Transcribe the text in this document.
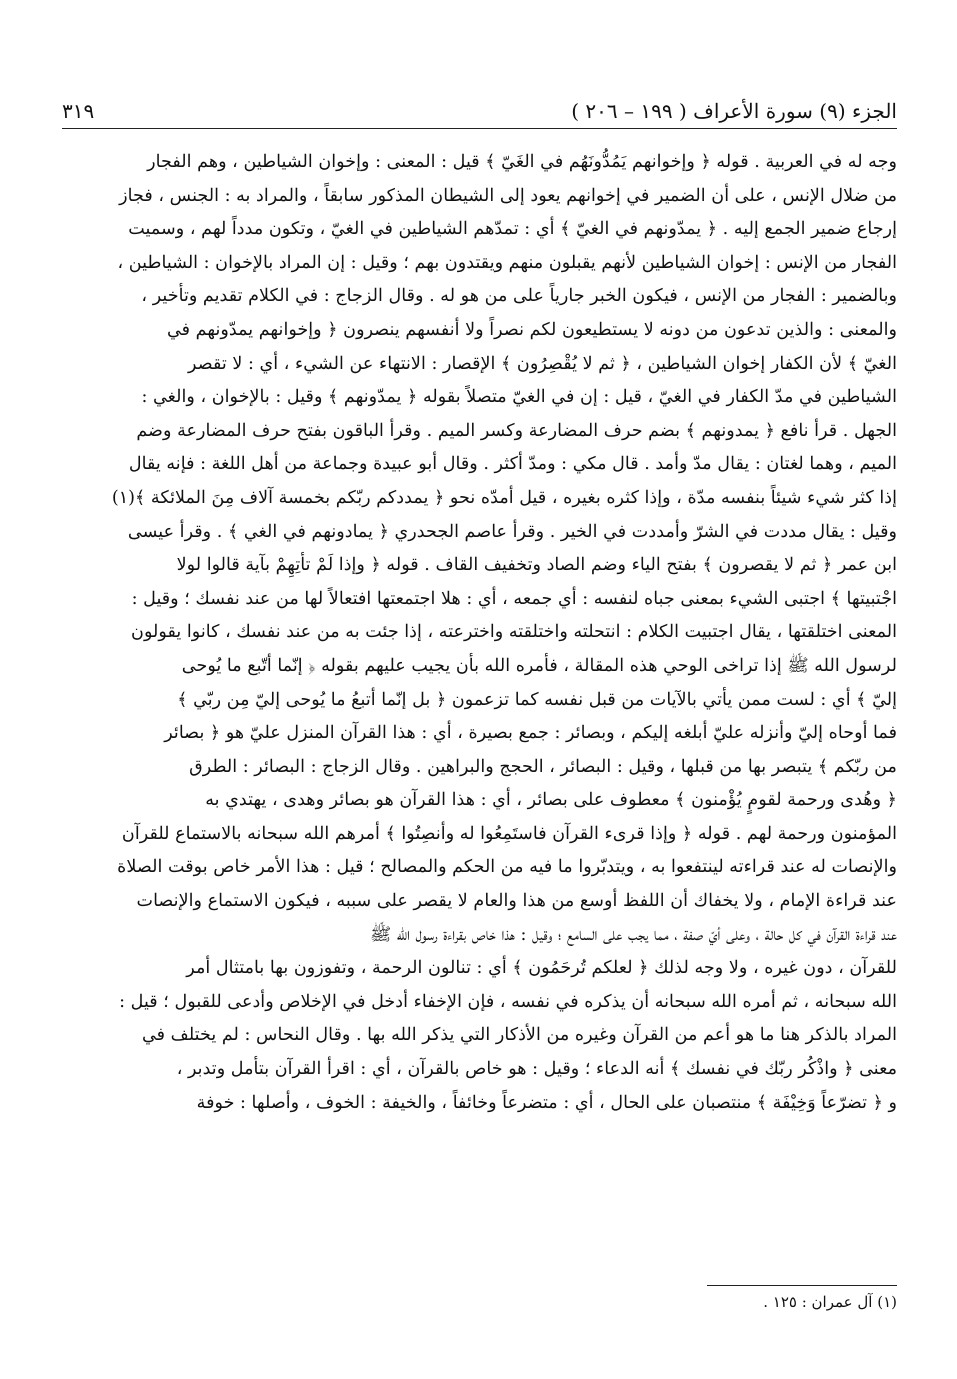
الجزء (٩) سورة الأعراف ( ١٩٩ – ٢٠٦ )
٣١٩
وجه له في العربية . قوله ﴿ وإخوانهم يَمُدُّونَهُم في الغَيّ ﴾ قيل : المعنى : وإخوان الشياطين ، وهم الفجار
من ضلال الإنس ، على أن الضمير في إخوانهم يعود إلى الشيطان المذكور سابقاً ، والمراد به : الجنس ، فجاز
إرجاع ضمير الجمع إليه . ﴿ يمدّونهم في الغيّ ﴾ أي : تمدّهم الشياطين في الغيّ ، وتكون مدداً لهم ، وسميت
الفجار من الإنس : إخوان الشياطين لأنهم يقبلون منهم ويقتدون بهم ؛ وقيل : إن المراد بالإخوان : الشياطين ،
وبالضمير : الفجار من الإنس ، فيكون الخبر جارياً على من هو له . وقال الزجاج : في الكلام تقديم وتأخير ،
والمعنى : والذين تدعون من دونه لا يستطيعون لكم نصراً ولا أنفسهم ينصرون ﴿ وإخوانهم يمدّونهم في
الغيّ ﴾ لأن الكفار إخوان الشياطين ، ﴿ ثم لا يُقْصِرُون ﴾ الإقصار : الانتهاء عن الشيء ، أي : لا تقصر
الشياطين في مدّ الكفار في الغيّ ، قيل : إن في الغيّ متصلاً بقوله ﴿ يمدّونهم ﴾ وقيل : بالإخوان ، والغي :
الجهل . قرأ نافع ﴿ يمدونهم ﴾ بضم حرف المضارعة وكسر الميم . وقرأ الباقون بفتح حرف المضارعة وضم
الميم ، وهما لغتان : يقال مدّ وأمد . قال مكي : ومدّ أكثر . وقال أبو عبيدة وجماعة من أهل اللغة : فإنه يقال
إذا كثر شيء شيئاً بنفسه مدّة ، وإذا كثره بغيره ، قيل أمدّه نحو ﴿ يمددكم ربّكم بخمسة آلاف مِنَ الملائكة ﴾(١)
وقيل : يقال مددت في الشرّ وأمددت في الخير . وقرأ عاصم الجحدري ﴿ يمادونهم في الغي ﴾ . وقرأ عيسى
ابن عمر ﴿ ثم لا يقصرون ﴾ بفتح الياء وضم الصاد وتخفيف القاف . قوله ﴿ وإذا لَمْ تأتِهِمْ بآية قالوا لولا
اجْتبيتها ﴾ اجتبى الشيء بمعنى جباه لنفسه : أي جمعه ، أي : هلا اجتمعتها افتعالاً لها من عند نفسك ؛ وقيل :
المعنى اختلقتها ، يقال اجتبيت الكلام : انتحلته واختلقته واخترعته ، إذا جئت به من عند نفسك ، كانوا يقولون
لرسول الله ﷺ إذا تراخى الوحي هذه المقالة ، فأمره الله بأن يجيب عليهم بقوله ﴿ إنّما أتّبع ما يُوحى
إليّ ﴾ أي : لست ممن يأتي بالآيات من قبل نفسه كما تزعمون ﴿ بل إنّما أتبعُ ما يُوحى إليّ مِن ربّي ﴾
فما أوحاه إليّ وأنزله عليّ أبلغه إليكم ، وبصائر : جمع بصيرة ، أي : هذا القرآن المنزل عليّ هو ﴿ بصائر
من ربّكم ﴾ يتبصر بها من قبلها ، وقيل : البصائر ، الحجج والبراهين . وقال الزجاج : البصائر : الطرق
﴿ وهُدى ورحمة لقومٍ يُؤْمنون ﴾ معطوف على بصائر ، أي : هذا القرآن هو بصائر وهدى ، يهتدي به
المؤمنون ورحمة لهم . قوله ﴿ وإذا قرىء القرآن فاستَمِعُوا له وأنصِتُوا ﴾ أمرهم الله سبحانه بالاستماع للقرآن
والإنصات له عند قراءته لينتفعوا به ، ويتدبّروا ما فيه من الحكم والمصالح ؛ قيل : هذا الأمر خاص بوقت الصلاة
عند قراءة الإمام ، ولا يخفاك أن اللفظ أوسع من هذا والعام لا يقصر على سببه ، فيكون الاستماع والإنصات
عند قراءة القرآن في كل حالة ، وعلى أيّ صفة ، مما يجب على السامع ؛ وقيل : هذا خاص بقراءة رسول الله ﷺ
للقرآن ، دون غيره ، ولا وجه لذلك ﴿ لعلكم تُرحَمُون ﴾ أي : تنالون الرحمة ، وتفوزون بها بامتثال أمر
الله سبحانه ، ثم أمره الله سبحانه أن يذكره في نفسه ، فإن الإخفاء أدخل في الإخلاص وأدعى للقبول ؛ قيل :
المراد بالذكر هنا ما هو أعم من القرآن وغيره من الأذكار التي يذكر الله بها . وقال النحاس : لم يختلف في
معنى ﴿ واذْكُر ربّك في نفسك ﴾ أنه الدعاء ؛ وقيل : هو خاص بالقرآن ، أي : اقرأ القرآن بتأمل وتدبر ،
و ﴿ تضرّعاً وَخِيْفَة ﴾ منتصبان على الحال ، أي : متضرعاً وخائفاً ، والخيفة : الخوف ، وأصلها : خوفة
(١) آل عمران : ١٢٥ .
